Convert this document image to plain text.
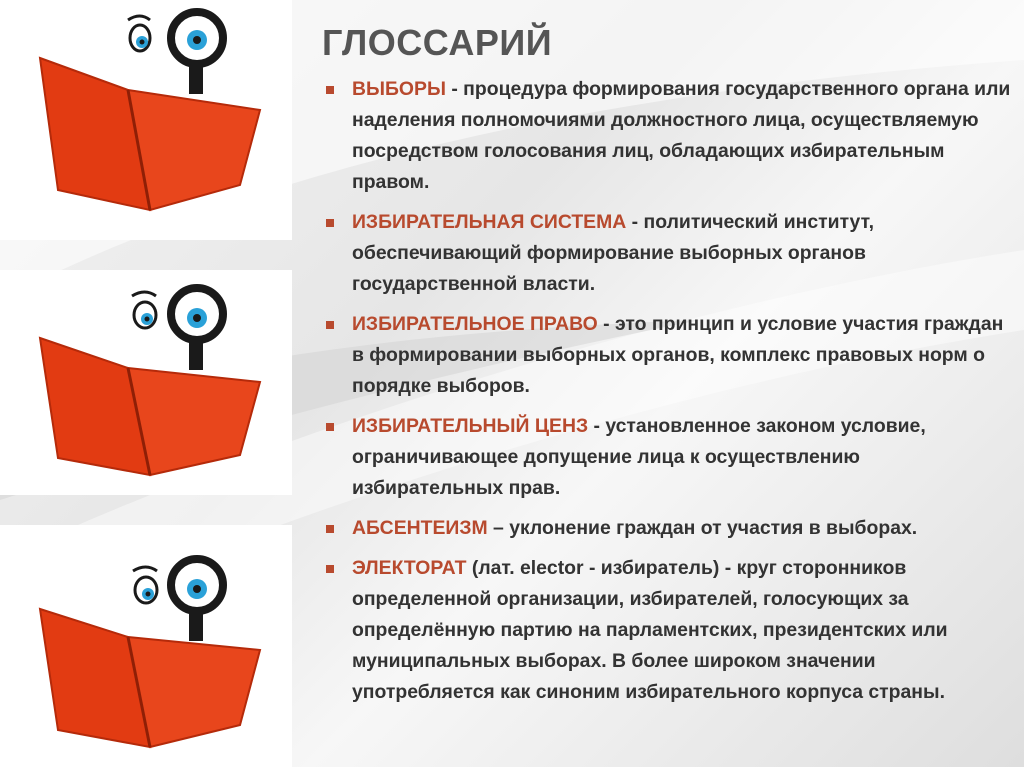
ГЛОССАРИЙ
ВЫБОРЫ - процедура формирования государственного органа или наделения полномочиями должностного лица, осуществляемую посредством голосования лиц, обладающих избирательным правом.
ИЗБИРАТЕЛЬНАЯ СИСТЕМА - политический институт, обеспечивающий формирование выборных органов государственной власти.
ИЗБИРАТЕЛЬНОЕ ПРАВО - это принцип и условие участия граждан в формировании выборных органов, комплекс правовых норм о порядке выборов.
ИЗБИРАТЕЛЬНЫЙ ЦЕНЗ - установленное законом условие, ограничивающее допущение лица к осуществлению избирательных прав.
АБСЕНТЕИЗМ – уклонение граждан от участия в выборах.
ЭЛЕКТОРАТ (лат. elector - избиратель) - круг сторонников определенной организации, избирателей, голосующих за определённую партию на парламентских, президентских или муниципальных выборах. В более широком значении употребляется как синоним избирательного корпуса страны.
